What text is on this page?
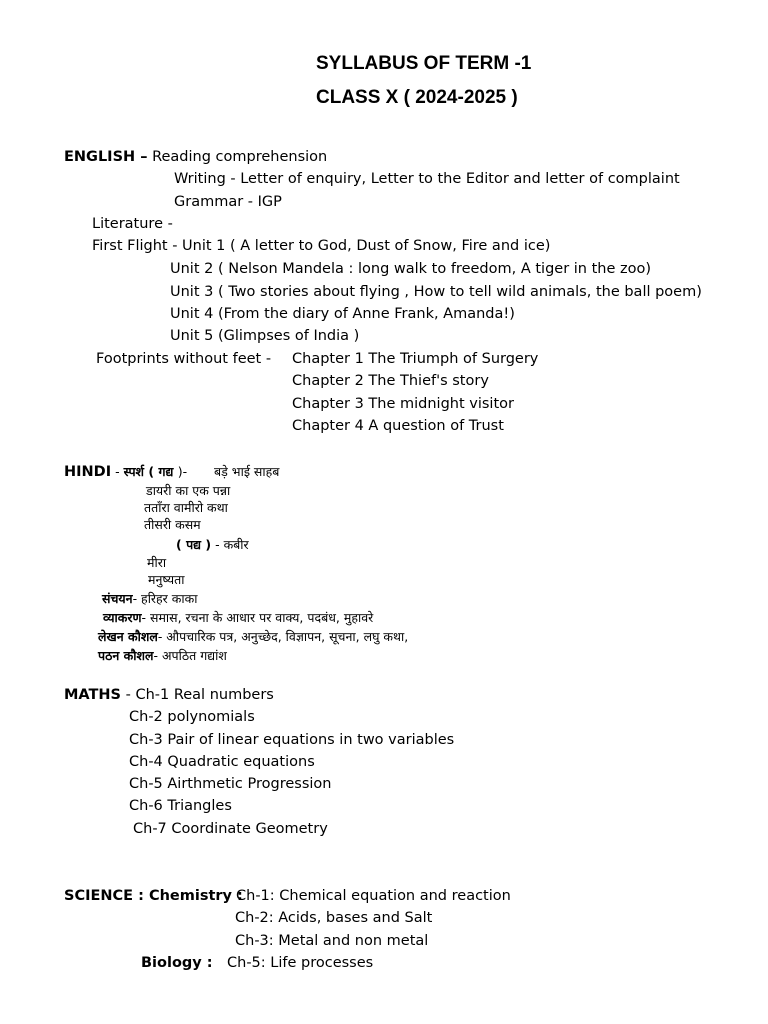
SYLLABUS OF TERM -1
CLASS X ( 2024-2025 )
ENGLISH – Reading comprehension
Writing - Letter of enquiry, Letter to the Editor and letter of complaint
Grammar - IGP
Literature -
First Flight - Unit 1 ( A letter to God, Dust of Snow, Fire and ice)
Unit 2 ( Nelson Mandela : long walk to freedom, A tiger in the zoo)
Unit 3 ( Two stories about flying , How to tell wild animals, the ball poem)
Unit 4 (From the diary of Anne Frank, Amanda!)
Unit 5 (Glimpses of India )
Footprints without feet - Chapter 1 The Triumph of Surgery
Chapter 2 The Thief's story
Chapter 3 The midnight visitor
Chapter 4 A question of Trust
HINDI - स्पर्श ( गद्य )- बड़े भाई साहब
डायरी का एक पन्ना
तताँरा वामीरो कथा
तीसरी कसम
( पद्य ) - कबीर
मीरा
मनुष्यता
संचयन- हरिहर काका
व्याकरण- समास, रचना के आधार पर वाक्य, पदबंध, मुहावरे
लेखन कौशल- औपचारिक पत्र, अनुच्छेद, विज्ञापन, सूचना, लघु कथा,
पठन कौशल- अपठित गद्यांश
MATHS - Ch-1 Real numbers
Ch-2 polynomials
Ch-3 Pair of linear equations in two variables
Ch-4 Quadratic equations
Ch-5 Airthmetic Progression
Ch-6 Triangles
Ch-7 Coordinate Geometry
SCIENCE : Chemistry :
Ch-1: Chemical equation and reaction
Ch-2: Acids, bases and Salt
Ch-3: Metal and non metal
Biology : Ch-5: Life processes
